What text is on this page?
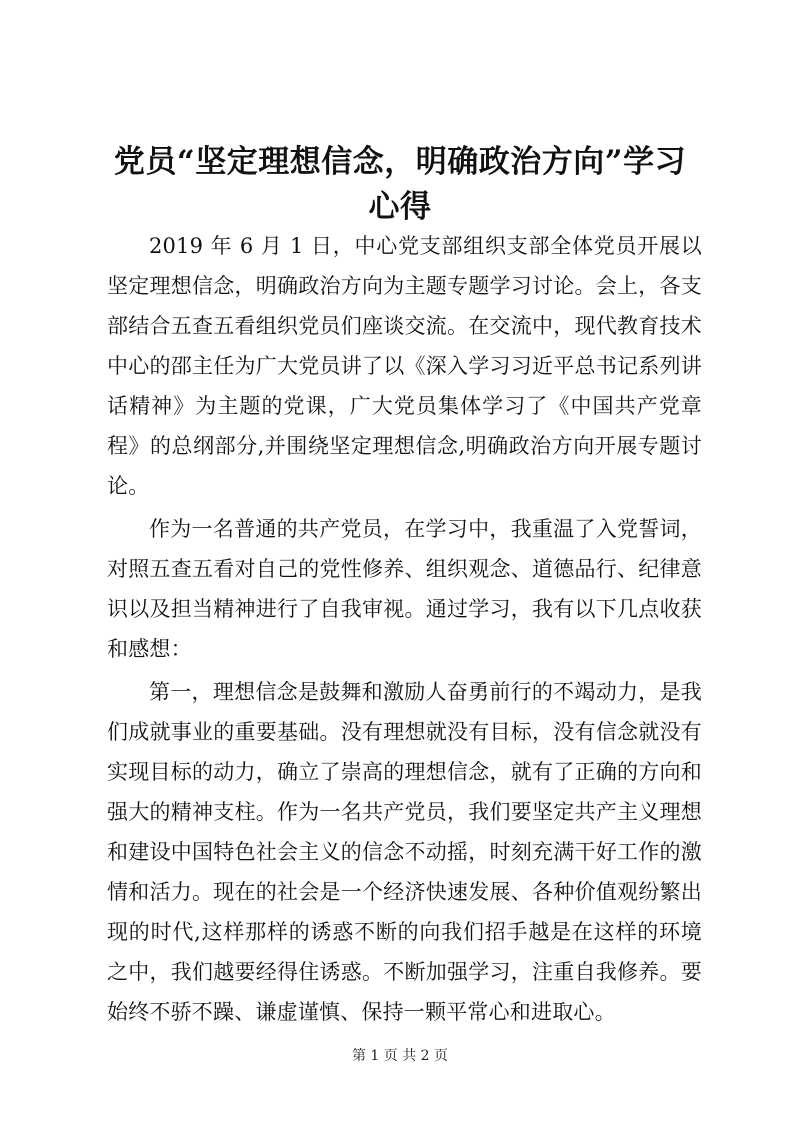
党员“坚定理想信念，明确政治方向”学习心得

2019 年 6 月 1 日，中心党支部组织支部全体党员开展以坚定理想信念，明确政治方向为主题专题学习讨论。会上，各支部结合五查五看组织党员们座谈交流。在交流中，现代教育技术中心的邵主任为广大党员讲了以《深入学习习近平总书记系列讲话精神》为主题的党课，广大党员集体学习了《中国共产党章程》的总纲部分,并围绕坚定理想信念,明确政治方向开展专题讨论。

作为一名普通的共产党员，在学习中，我重温了入党誓词，对照五查五看对自己的党性修养、组织观念、道德品行、纪律意识以及担当精神进行了自我审视。通过学习，我有以下几点收获和感想：

第一，理想信念是鼓舞和激励人奋勇前行的不竭动力，是我们成就事业的重要基础。没有理想就没有目标，没有信念就没有实现目标的动力，确立了崇高的理想信念，就有了正确的方向和强大的精神支柱。作为一名共产党员，我们要坚定共产主义理想和建设中国特色社会主义的信念不动摇，时刻充满干好工作的激情和活力。现在的社会是一个经济快速发展、各种价值观纷繁出现的时代,这样那样的诱惑不断的向我们招手越是在这样的环境之中，我们越要经得住诱惑。不断加强学习，注重自我修养。要始终不骄不躁、谦虚谨慎、保持一颗平常心和进取心。

第 1 页 共 2 页
